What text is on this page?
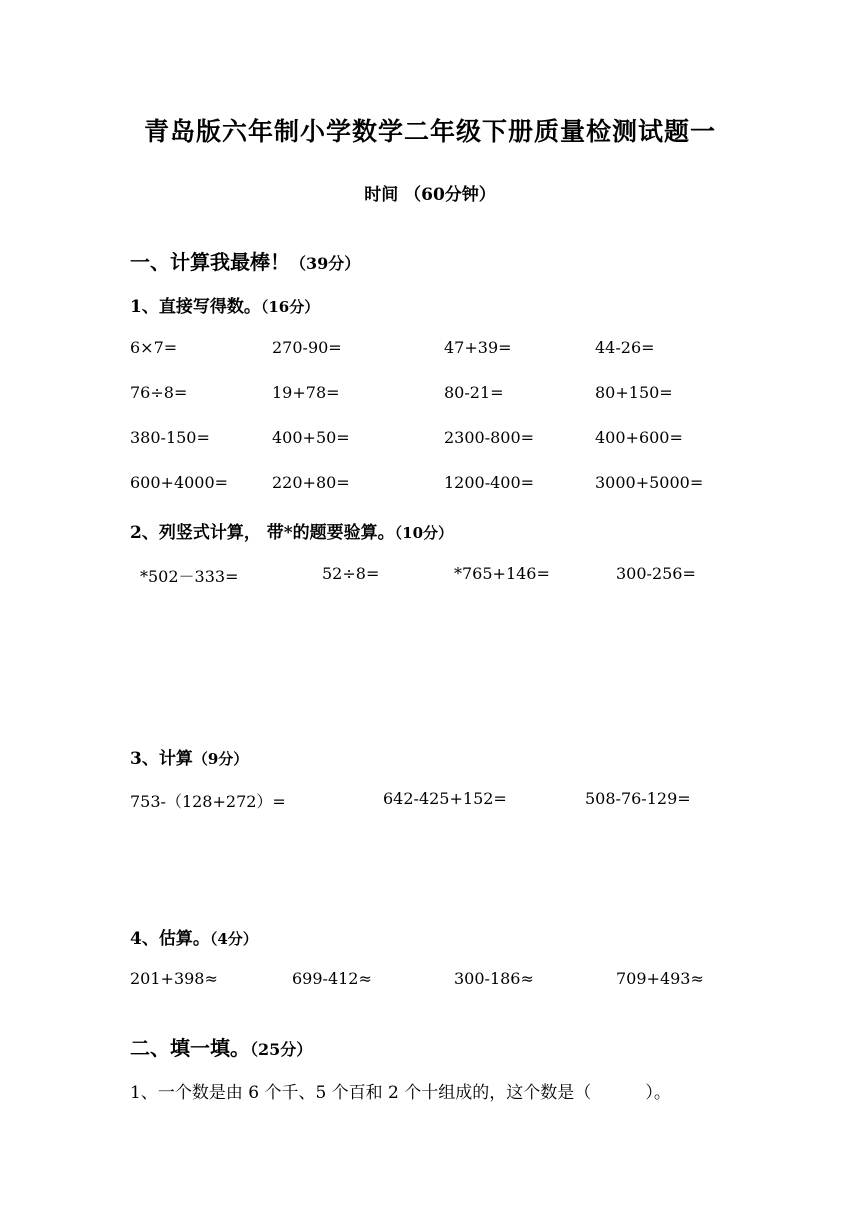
青岛版六年制小学数学二年级下册质量检测试题一
时间 （60分钟）
一、计算我最棒！（39分）
1、直接写得数。（16分）
6×7=	270-90=	47+39=	44-26=
76÷8=	19+78=	80-21=	80+150=
380-150=	400+50=	2300-800=	400+600=
600+4000=	220+80=	1200-400=	3000+5000=
2、列竖式计算， 带*的题要验算。（10分）
*502－333=	52÷8=	*765+146=	300-256=
3、计算（9分）
753-（128+272）=	642-425+152=	508-76-129=
4、估算。（4分）
201+398≈	699-412≈	300-186≈	709+493≈
二、填一填。（25分）
1、一个数是由 6 个千、5 个百和 2 个十组成的，这个数是（          ）。
